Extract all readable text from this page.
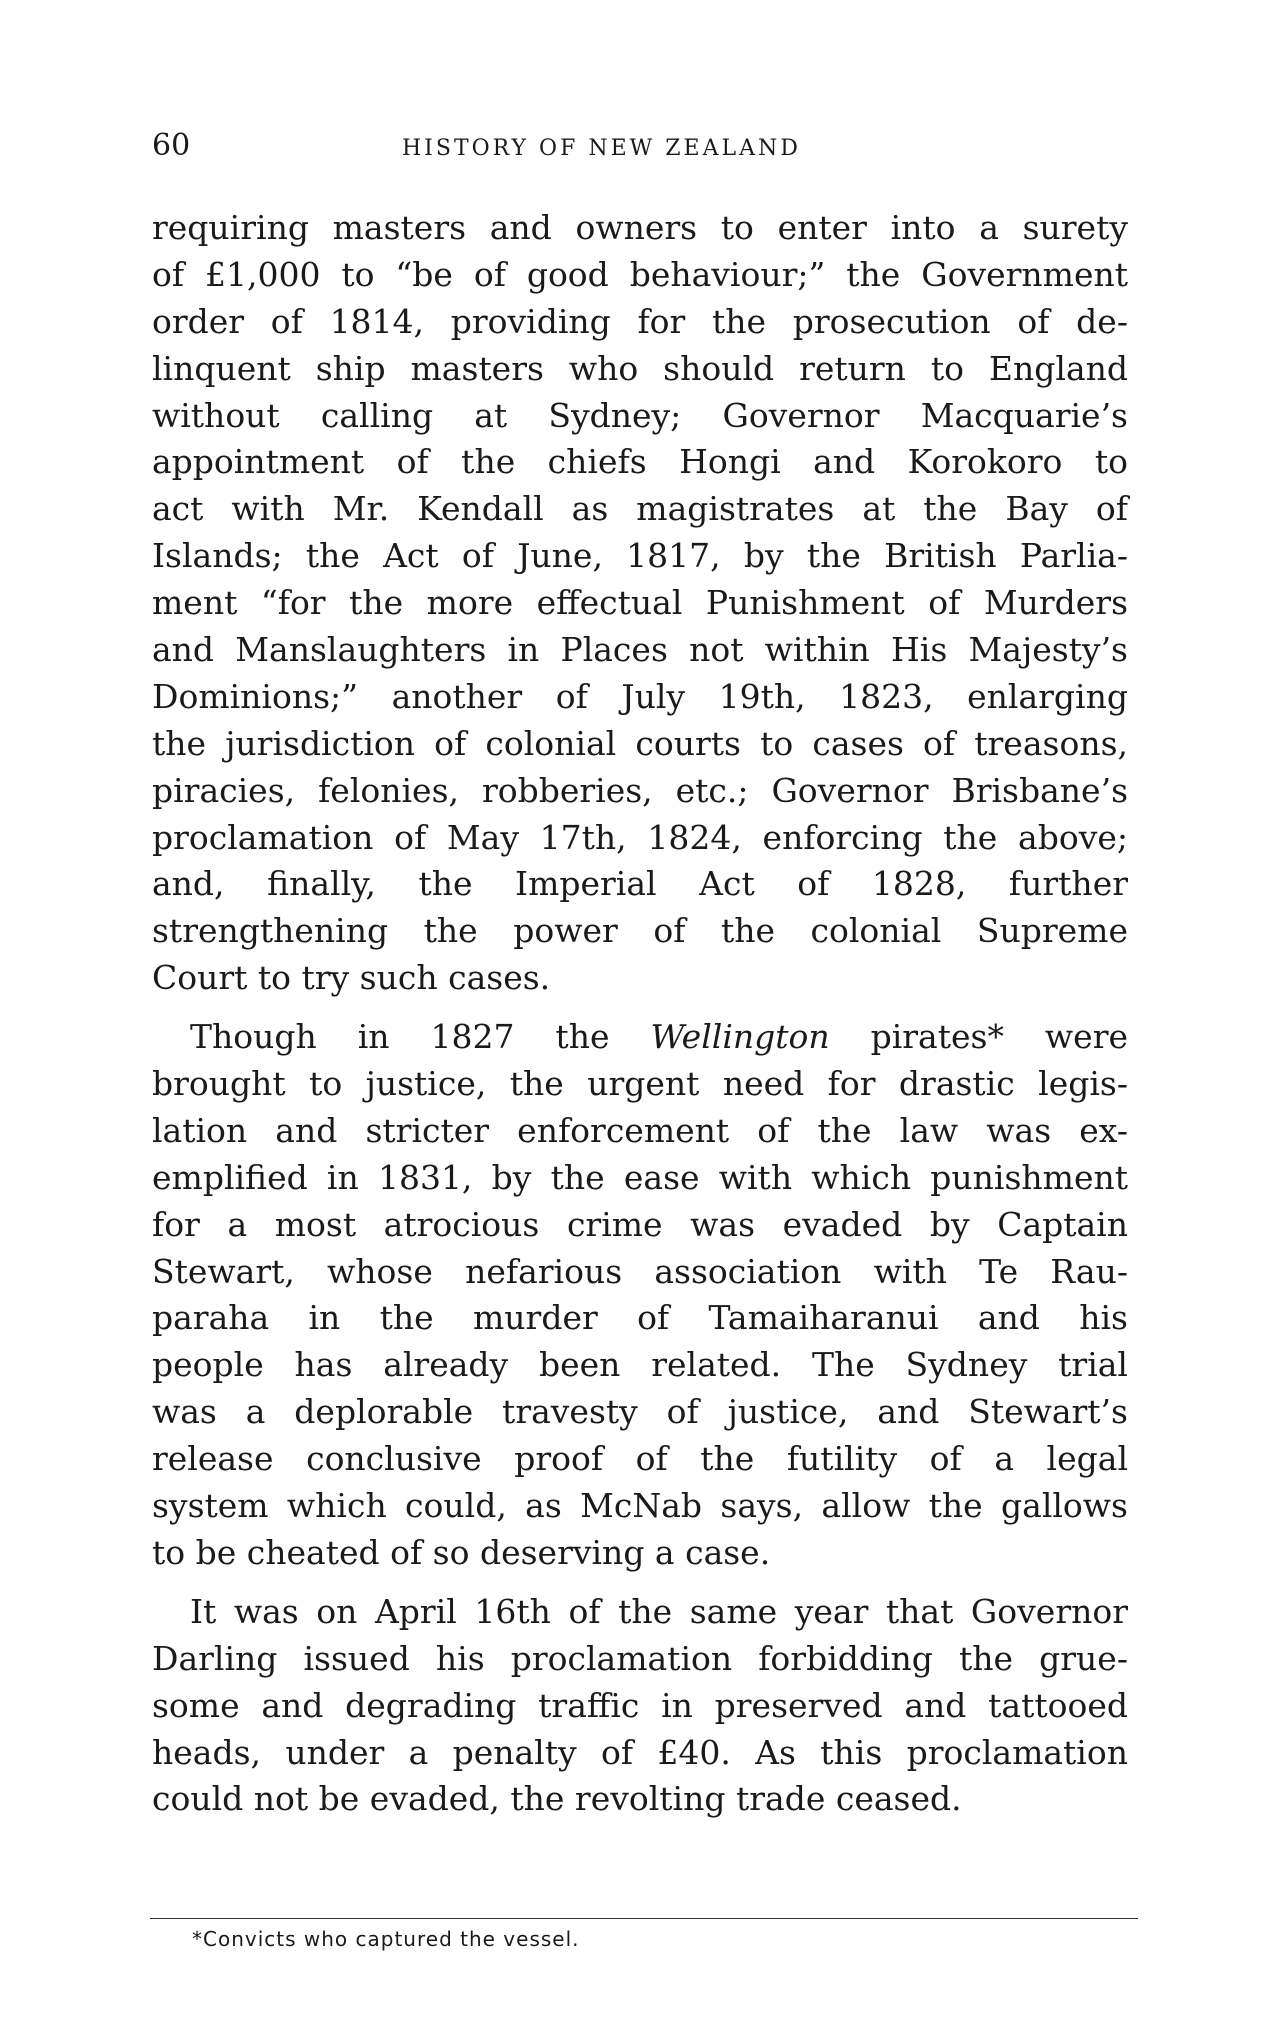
60	HISTORY OF NEW ZEALAND
requiring masters and owners to enter into a surety
of £1,000 to “be of good behaviour;” the Government
order of 1814, providing for the prosecution of de-
linquent ship masters who should return to England
without calling at Sydney; Governor Macquarie’s
appointment of the chiefs Hongi and Korokoro to
act with Mr. Kendall as magistrates at the Bay of
Islands; the Act of June, 1817, by the British Parlia-
ment “for the more effectual Punishment of Murders
and Manslaughters in Places not within His Majesty’s
Dominions;” another of July 19th, 1823, enlarging
the jurisdiction of colonial courts to cases of treasons,
piracies, felonies, robberies, etc.; Governor Brisbane’s
proclamation of May 17th, 1824, enforcing the above;
and, finally, the Imperial Act of 1828, further
strengthening the power of the colonial Supreme
Court to try such cases.
Though in 1827 the Wellington pirates* were
brought to justice, the urgent need for drastic legis-
lation and stricter enforcement of the law was ex-
emplified in 1831, by the ease with which punishment
for a most atrocious crime was evaded by Captain
Stewart, whose nefarious association with Te Rau-
paraha in the murder of Tamaiharanui and his
people has already been related. The Sydney trial
was a deplorable travesty of justice, and Stewart’s
release conclusive proof of the futility of a legal
system which could, as McNab says, allow the gallows
to be cheated of so deserving a case.
It was on April 16th of the same year that Governor
Darling issued his proclamation forbidding the grue-
some and degrading traffic in preserved and tattooed
heads, under a penalty of £40. As this proclamation
could not be evaded, the revolting trade ceased.
*Convicts who captured the vessel.
